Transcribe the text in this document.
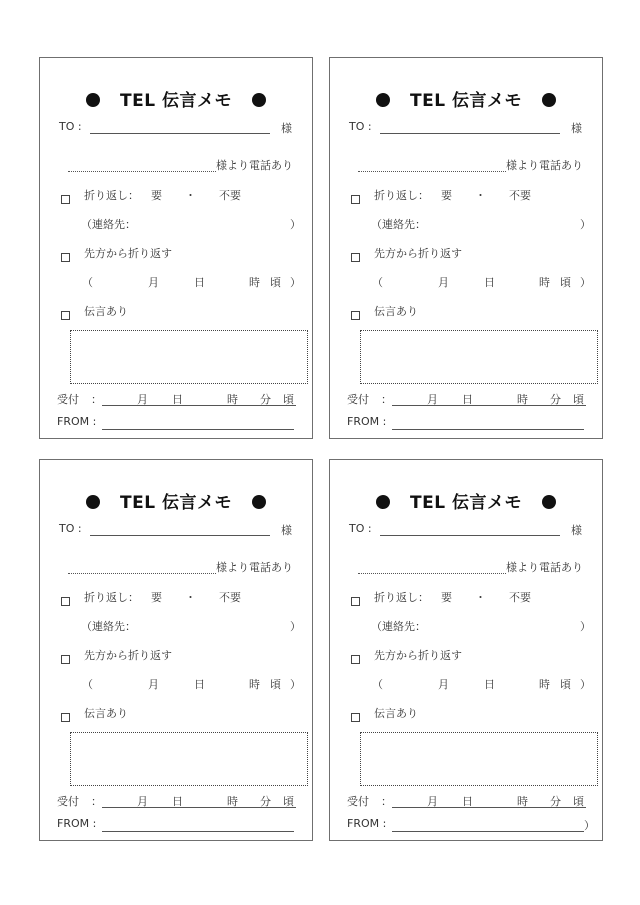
TEL 伝言メモ
TO :	様
様より電話あり
折り返し： 要 ・ 不要
（連絡先：	）
先方から折り返す
（	月	日	時 頃 ）
伝言あり
受付 ：	月 日	時 分 頃
FROM :
TEL 伝言メモ
TO :	様
様より電話あり
折り返し： 要 ・ 不要
（連絡先：	）
先方から折り返す
（	月	日	時 頃 ）
伝言あり
受付 ：	月 日	時 分 頃
FROM :
TEL 伝言メモ
TO :	様
様より電話あり
折り返し： 要 ・ 不要
（連絡先：	）
先方から折り返す
（	月	日	時 頃 ）
伝言あり
受付 ：	月 日	時 分 頃
FROM :
TEL 伝言メモ
TO :	様
様より電話あり
折り返し： 要 ・ 不要
（連絡先：	）
先方から折り返す
（	月	日	時 頃 ）
伝言あり
受付 ：	月 日	時 分 頃
FROM :	）
